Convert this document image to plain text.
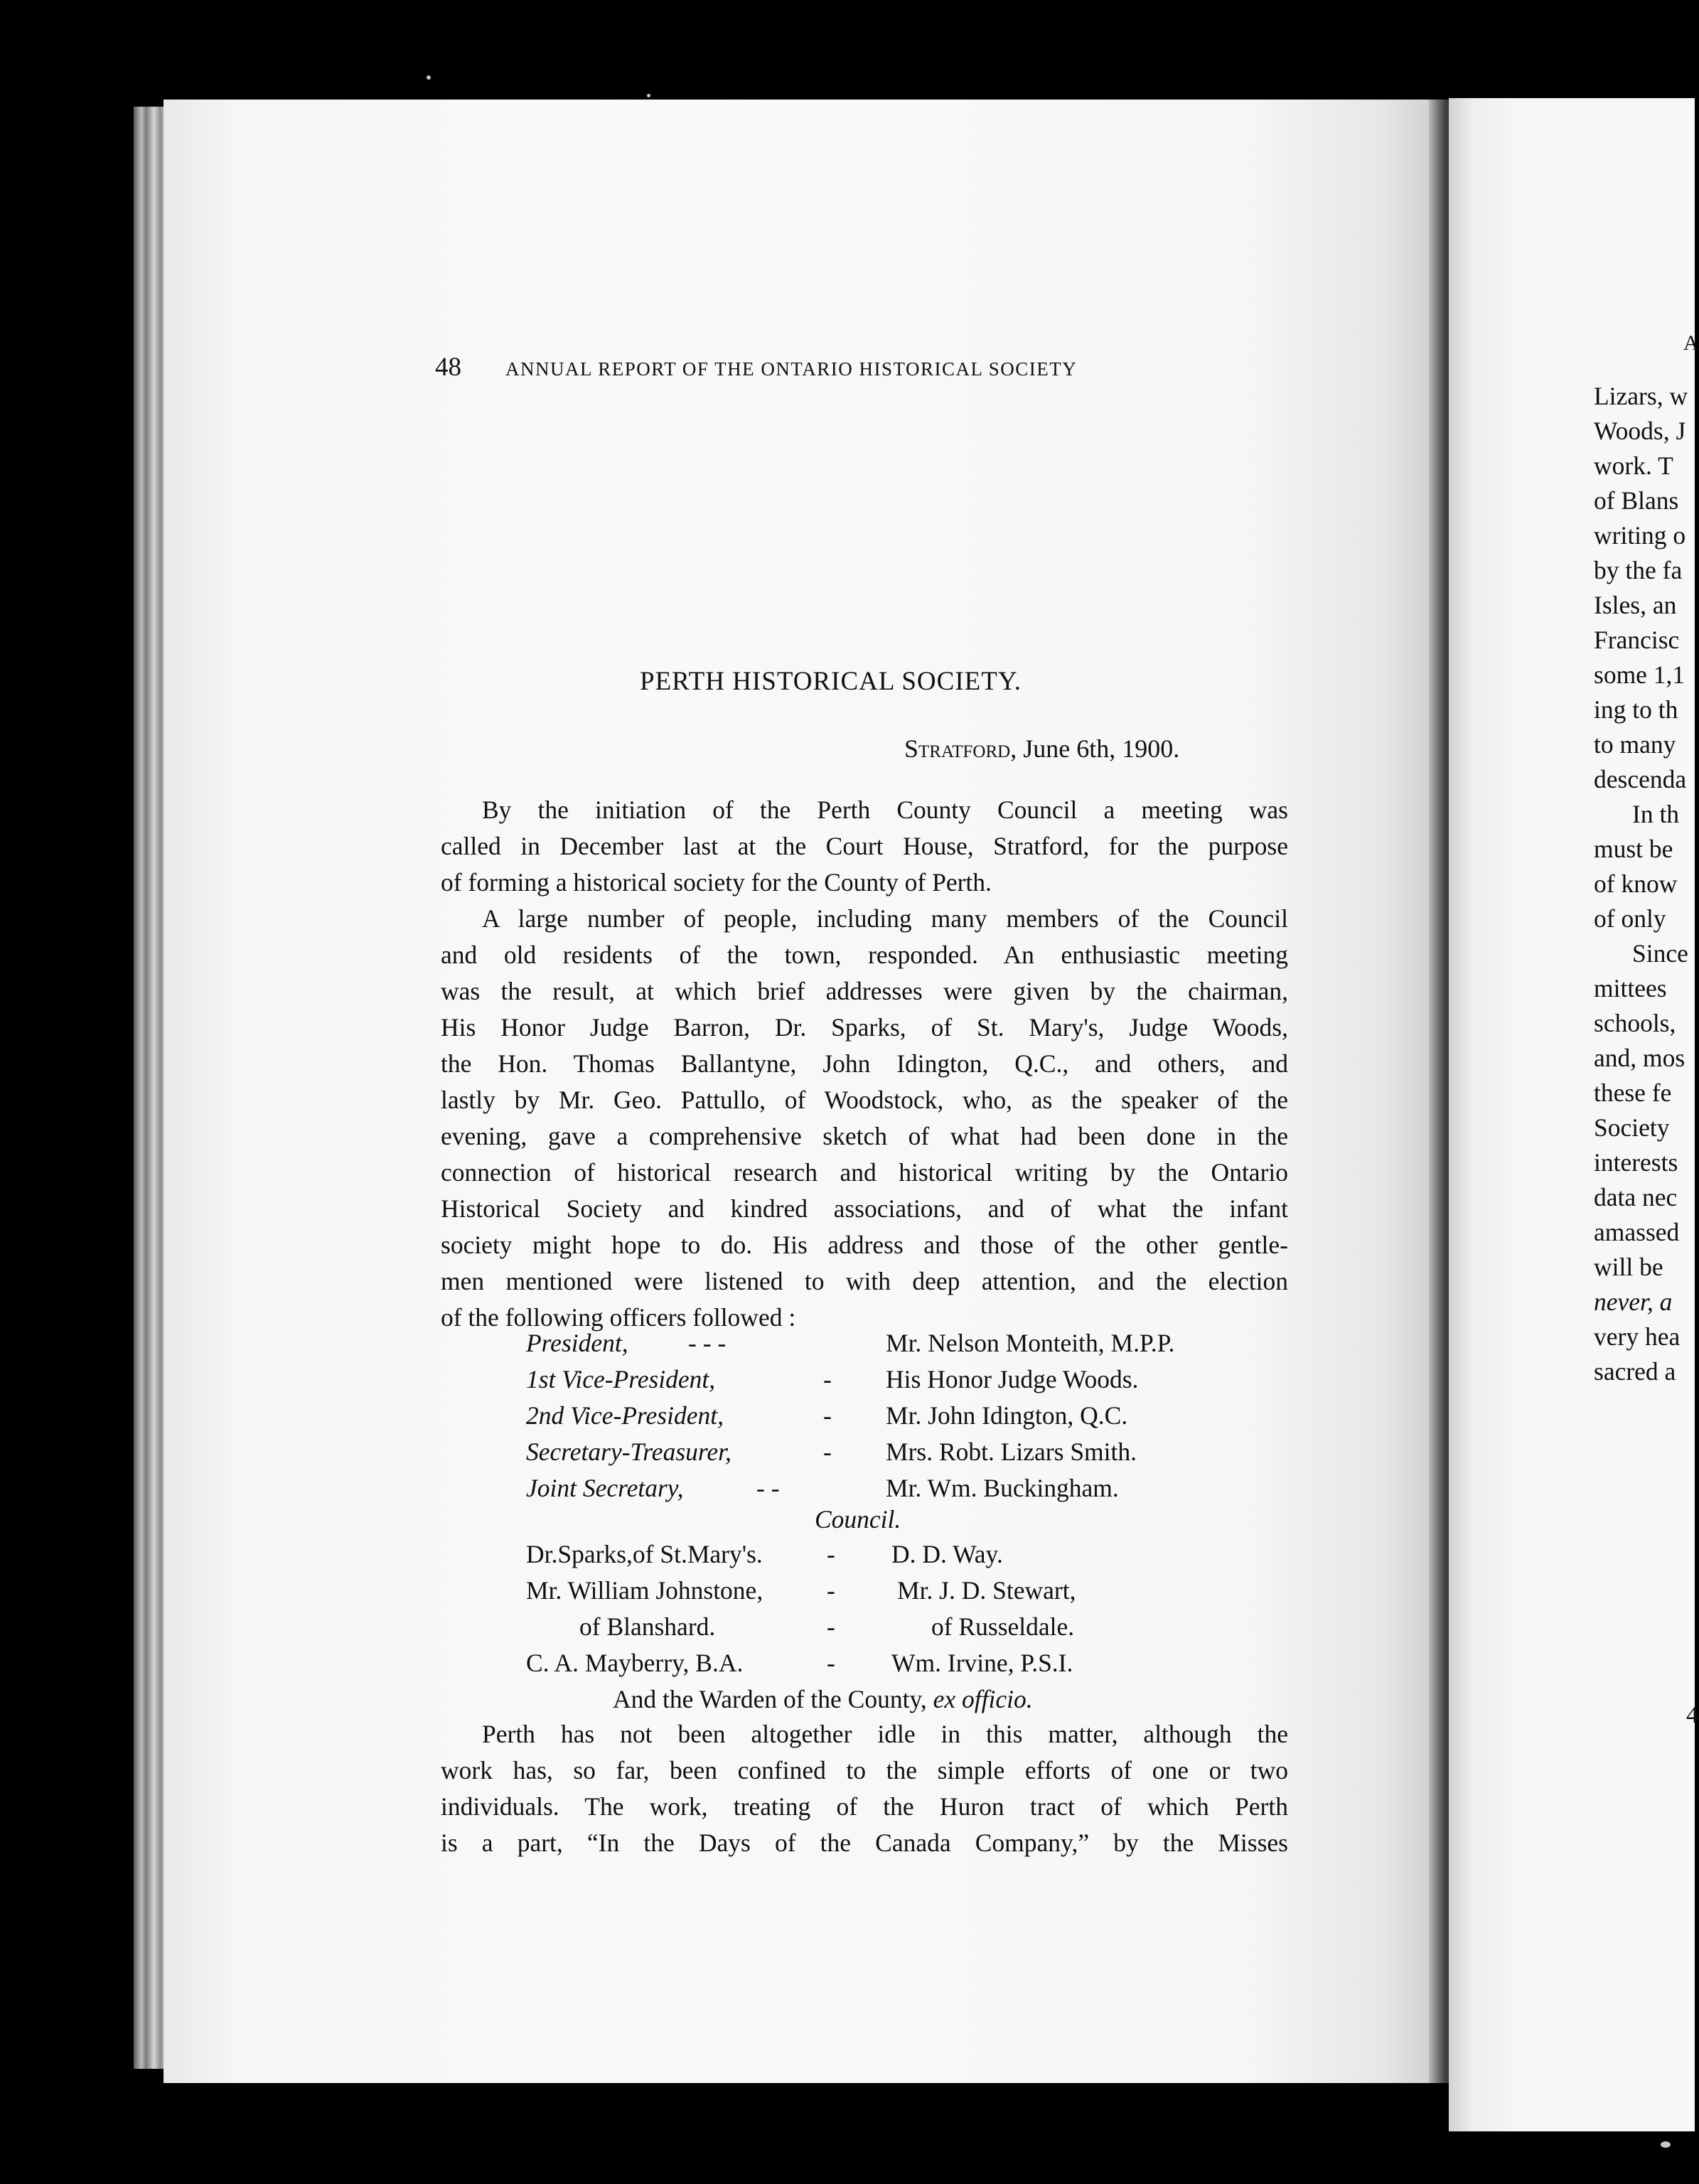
48 ANNUAL REPORT OF THE ONTARIO HISTORICAL SOCIETY
PERTH HISTORICAL SOCIETY.
Stratford, June 6th, 1900.
By the initiation of the Perth County Council a meeting was
called in December last at the Court House, Stratford, for the purpose
of forming a historical society for the County of Perth.
A large number of people, including many members of the Council
and old residents of the town, responded. An enthusiastic meeting
was the result, at which brief addresses were given by the chairman,
His Honor Judge Barron, Dr. Sparks, of St. Mary's, Judge Woods,
the Hon. Thomas Ballantyne, John Idington, Q.C., and others, and
lastly by Mr. Geo. Pattullo, of Woodstock, who, as the speaker of the
evening, gave a comprehensive sketch of what had been done in the
connection of historical research and historical writing by the Ontario
Historical Society and kindred associations, and of what the infant
society might hope to do. His address and those of the other gentle-
men mentioned were listened to with deep attention, and the election
of the following officers followed :
President, - - -	Mr. Nelson Monteith, M.P.P.
1st Vice-President,	- His Honor Judge Woods.
2nd Vice-President,	- Mr. John Idington, Q.C.
Secretary-Treasurer,	- Mrs. Robt. Lizars Smith.
Joint Secretary,	- -	Mr. Wm. Buckingham.
Council.
Dr.Sparks,of St.Mary's.	- D. D. Way.
Mr. William Johnstone,	- Mr. J. D. Stewart,
of Blanshard.	-	of Russeldale.
C. A. Mayberry, B.A.	- Wm. Irvine, P.S.I.
And the Warden of the County, ex officio.
Perth has not been altogether idle in this matter, although the
work has, so far, been confined to the simple efforts of one or two
individuals. The work, treating of the Huron tract of which Perth
is a part, “In the Days of the Canada Company,” by the Misses
A
Lizars, w
Woods, J
work. T
of Blans
writing o
by the fa
Isles, an
Francisc
some 1,1
ing to th
to many
descenda
In th
must be
of know
of only
Since
mittees
schools,
and, mos
these fe
Society
interests
data nec
amassed
will be
never, a
very hea
sacred a
4
